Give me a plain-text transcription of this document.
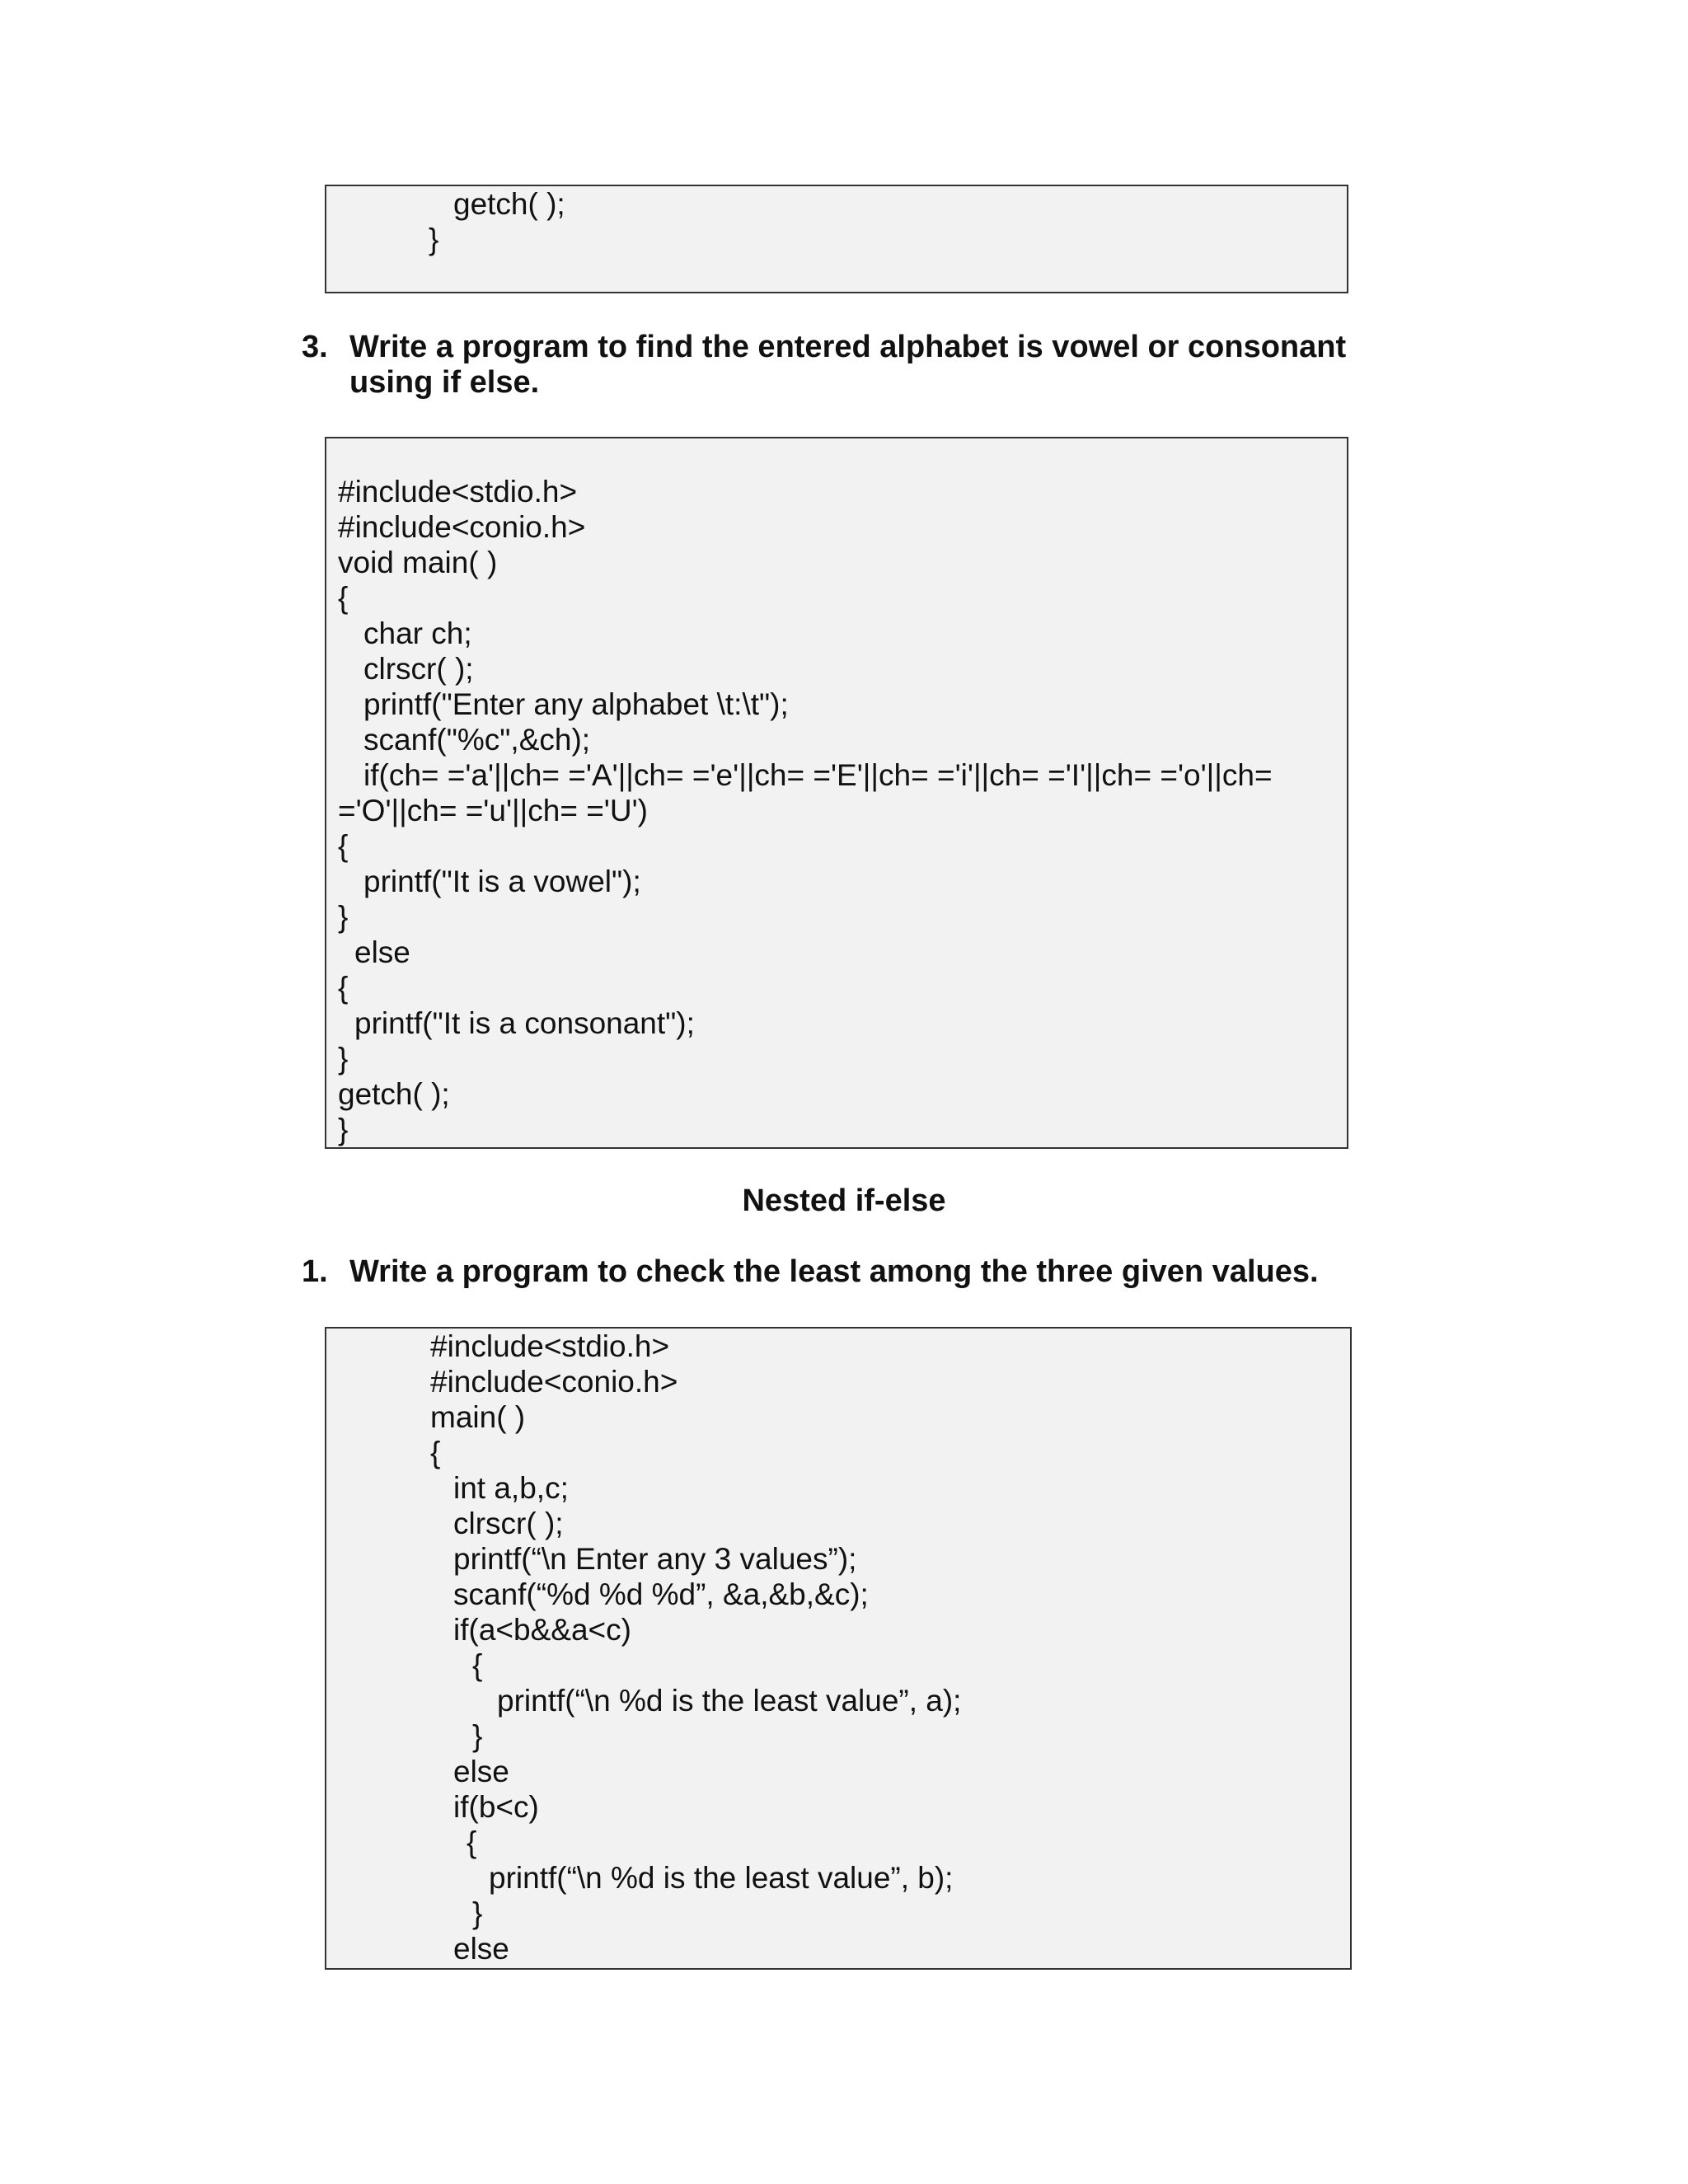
getch( );
}
3. Write a program to find the entered alphabet is vowel or consonant
using if else.
#include<stdio.h>
#include<conio.h>
void main( )
{
char ch;
clrscr( );
printf("Enter any alphabet \t:\t");
scanf("%c",&ch);
if(ch= ='a'||ch= ='A'||ch= ='e'||ch= ='E'||ch= ='i'||ch= ='I'||ch= ='o'||ch=
='O'||ch= ='u'||ch= ='U')
{
printf("It is a vowel");
}
else
{
printf("It is a consonant");
}
getch( );
}
Nested if-else
1. Write a program to check the least among the three given values.
#include<stdio.h>
#include<conio.h>
main( )
{
int a,b,c;
clrscr( );
printf(“\n Enter any 3 values”);
scanf(“%d %d %d”, &a,&b,&c);
if(a<b&&a<c)
{
printf(“\n %d is the least value”, a);
}
else
if(b<c)
{
printf(“\n %d is the least value”, b);
}
else
